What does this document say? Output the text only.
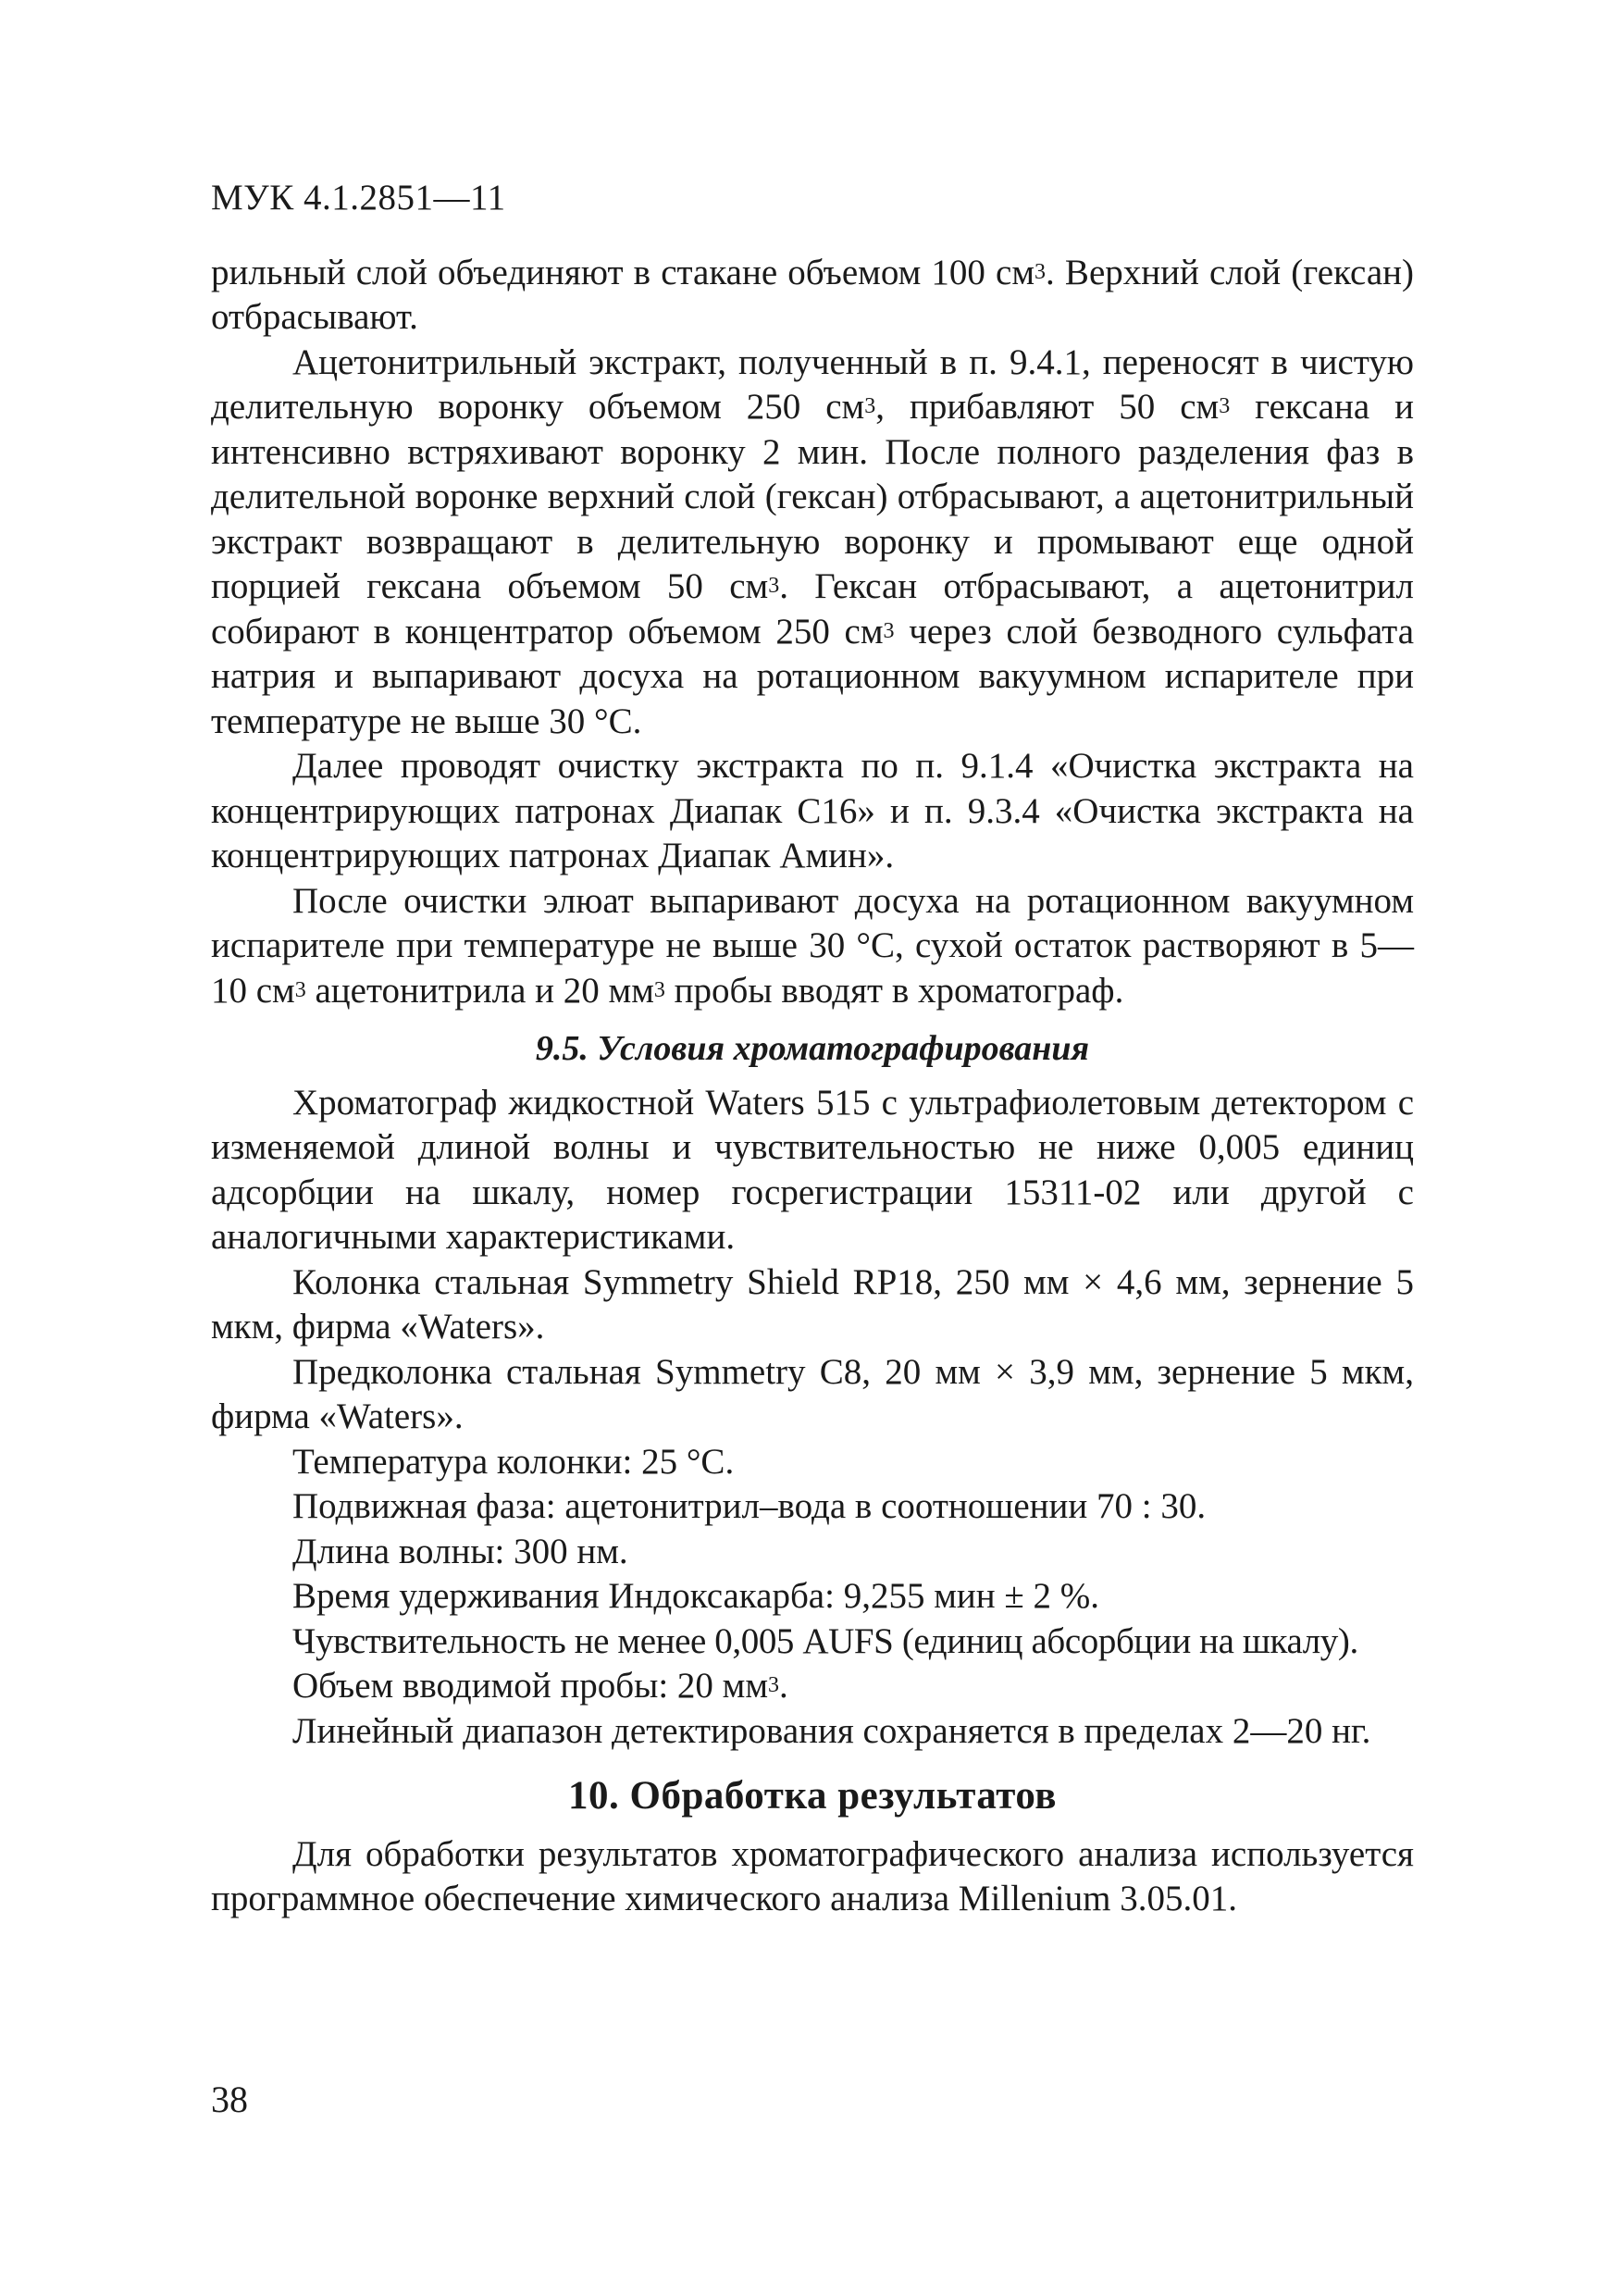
МУК 4.1.2851—11

рильный слой объединяют в стакане объемом 100 $см^3$. Верхний слой (гексан) отбрасывают.

Ацетонитрильный экстракт, полученный в п. 9.4.1, переносят в чистую делительную воронку объемом 250 $см^3$, прибавляют 50 $см^3$ гексана и интенсивно встряхивают воронку 2 мин. После полного разделения фаз в делительной воронке верхний слой (гексан) отбрасывают, а ацетонитрильный экстракт возвращают в делительную воронку и промывают еще одной порцией гексана объемом 50 $см^3$. Гексан отбрасывают, а ацетонитрил собирают в концентратор объемом 250 $см^3$ через слой безводного сульфата натрия и выпаривают досуха на ротационном вакуумном испарителе при температуре не выше 30 °С.

Далее проводят очистку экстракта по п. 9.1.4 «Очистка экстракта на концентрирующих патронах Диапак С16» и п. 9.3.4 «Очистка экстракта на концентрирующих патронах Диапак Амин».

После очистки элюат выпаривают досуха на ротационном вакуумном испарителе при температуре не выше 30 °С, сухой остаток растворяют в 5—10 $см^3$ ацетонитрила и 20 $мм^3$ пробы вводят в хроматограф.

9.5. Условия хроматографирования

Хроматограф жидкостной Waters 515 с ультрафиолетовым детектором с изменяемой длиной волны и чувствительностью не ниже 0,005 единиц адсорбции на шкалу, номер госрегистрации 15311-02 или другой с аналогичными характеристиками.

Колонка стальная Symmetry Shield RP18, 250 мм × 4,6 мм, зернение 5 мкм, фирма «Waters».

Предколонка стальная Symmetry C8, 20 мм × 3,9 мм, зернение 5 мкм, фирма «Waters».

Температура колонки: 25 °С.

Подвижная фаза: ацетонитрил–вода в соотношении 70 : 30.

Длина волны: 300 нм.

Время удерживания Индоксакарба: 9,255 мин ± 2 %.

Чувствительность не менее 0,005 AUFS (единиц абсорбции на шкалу).

Объем вводимой пробы: 20 $мм^3$.

Линейный диапазон детектирования сохраняется в пределах 2—20 нг.

10. Обработка результатов

Для обработки результатов хроматографического анализа используется программное обеспечение химического анализа Millenium 3.05.01.

38
